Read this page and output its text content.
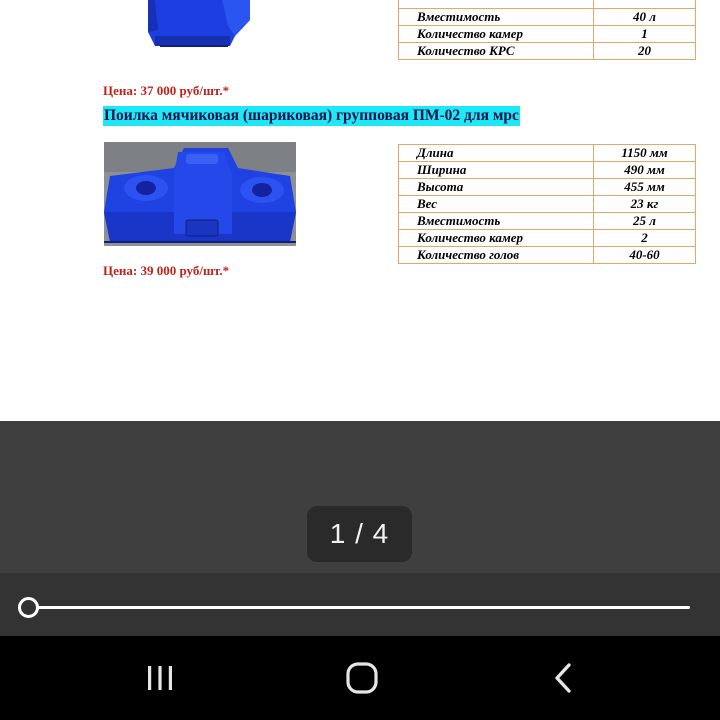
Вместимость	40 л
Количество камер	1
Количество КРС	20
Цена: 37 000 руб/шт.*
Поилка мячиковая (шариковая) групповая ПМ-02 для мрс
Длина	1150 мм
Ширина	490 мм
Высота	455 мм
Вес	23 кг
Вместимость	25 л
Количество камер	2
Количество голов	40-60
Цена: 39 000 руб/шт.*
1 / 4
